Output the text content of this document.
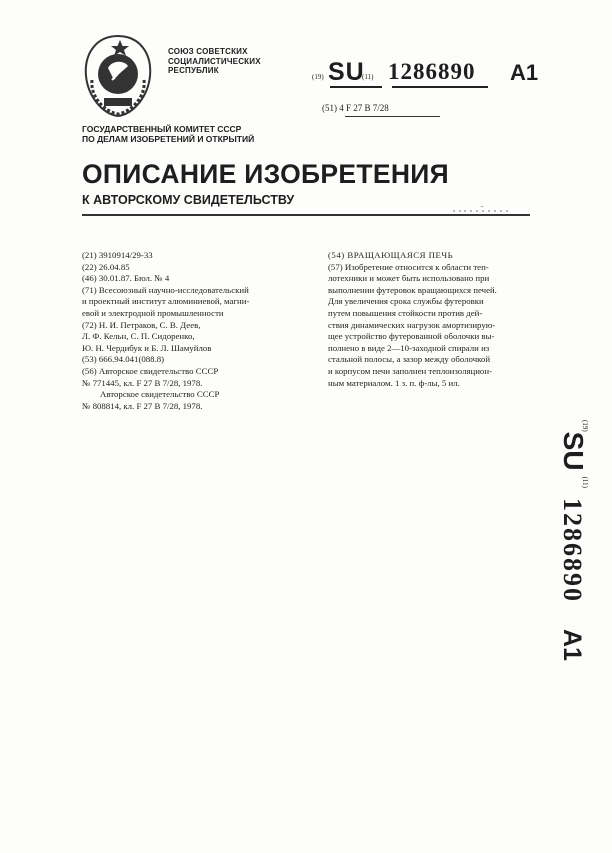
СОЮЗ СОВЕТСКИХ
СОЦИАЛИСТИЧЕСКИХ
РЕСПУБЛИК
(19) SU
(11) 1286890 A1
(51) 4 F 27 B 7/28
ГОСУДАРСТВЕННЫЙ КОМИТЕТ СССР
ПО ДЕЛАМ ИЗОБРЕТЕНИЙ И ОТКРЫТИЙ
ОПИСАНИЕ ИЗОБРЕТЕНИЯ
К АВТОРСКОМУ СВИДЕТЕЛЬСТВУ
(21) 3910914/29-33
(22) 26.04.85
(46) 30.01.87. Бюл. № 4
(71) Всесоюзный научно-исследовательский
и проектный институт алюминиевой, магни-
евой и электродной промышленности
(72) Н. И. Петраков, С. В. Деев,
Л. Ф. Кельн, С. П. Сидоренко,
Ю. Н. Чердибук и Б. Л. Шамуйлов
(53) 666.94.041(088.8)
(56) Авторское свидетельство СССР
№ 771445, кл. F 27 B 7/28, 1978.
Авторское свидетельство СССР
№ 808814, кл. F 27 B 7/28, 1978.
(54) ВРАЩАЮЩАЯСЯ ПЕЧЬ
(57) Изобретение относится к области теп-
лотехники и может быть использовано при
выполнении футеровок вращающихся печей.
Для увеличения срока службы футеровки
путем повышения стойкости против дей-
ствия динамических нагрузок амортизирую-
щее устройство футерованной оболочки вы-
полнено в виде 2—10-заходной спирали из
стальной полосы, а зазор между оболочкой
и корпусом печи заполнен теплоизоляцион-
ным материалом. 1 з. п. ф-лы, 5 ил.
$^{(19)}$SU$^{(11)}$1286890A1
